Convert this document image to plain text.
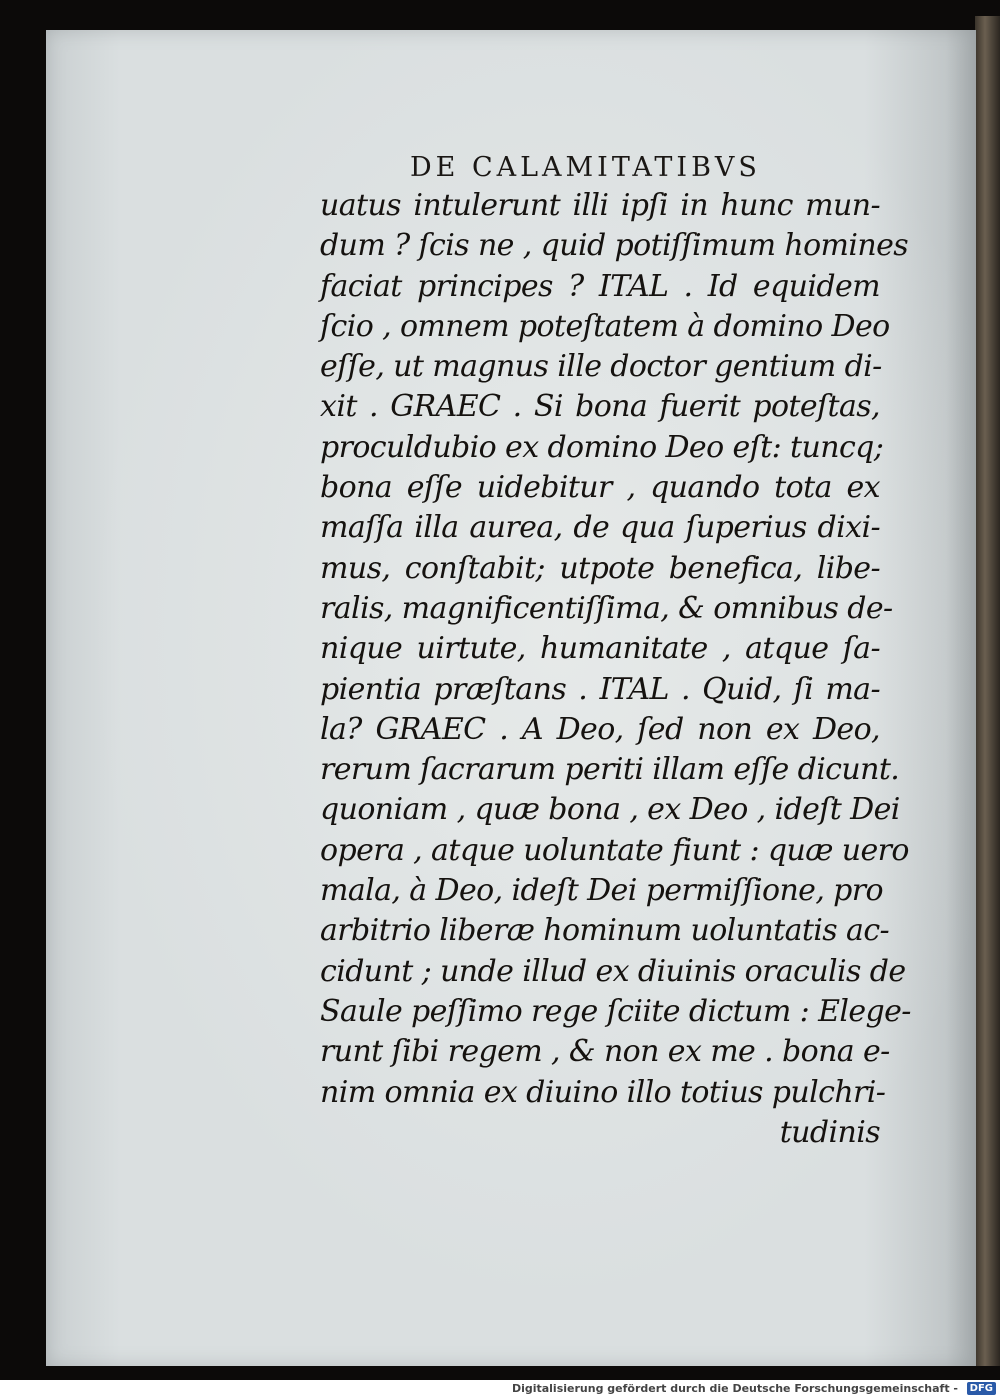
DE CALAMITATIBVS
uatus intulerunt illi ipſi in hunc mun-
dum ? ſcis ne , quid potiſſimum homines
faciat principes ? ITAL . Id equidem
ſcio , omnem poteſtatem à domino Deo
eſſe, ut magnus ille doctor gentium di-
xit . GRAEC . Si bona fuerit poteſtas,
proculdubio ex domino Deo eſt: tuncq;
bona eſſe uidebitur , quando tota ex
maſſa illa aurea, de qua ſuperius dixi-
mus, conſtabit; utpote benefica, libe-
ralis, magnificentiſſima, & omnibus de-
nique uirtute, humanitate , atque ſa-
pientia præſtans . ITAL . Quid, ſi ma-
la? GRAEC . A Deo, ſed non ex Deo,
rerum ſacrarum periti illam eſſe dicunt.
quoniam , quæ bona , ex Deo , ideſt Dei
opera , atque uoluntate fiunt : quæ uero
mala, à Deo, ideſt Dei permiſſione, pro
arbitrio liberæ hominum uoluntatis ac-
cidunt ; unde illud ex diuinis oraculis de
Saule peſſimo rege ſciite dictum : Elege-
runt ſibi regem , & non ex me . bona e-
nim omnia ex diuino illo totius pulchri-
tudinis
Digitalisierung gefördert durch die Deutsche Forschungsgemeinschaft -	DFG
